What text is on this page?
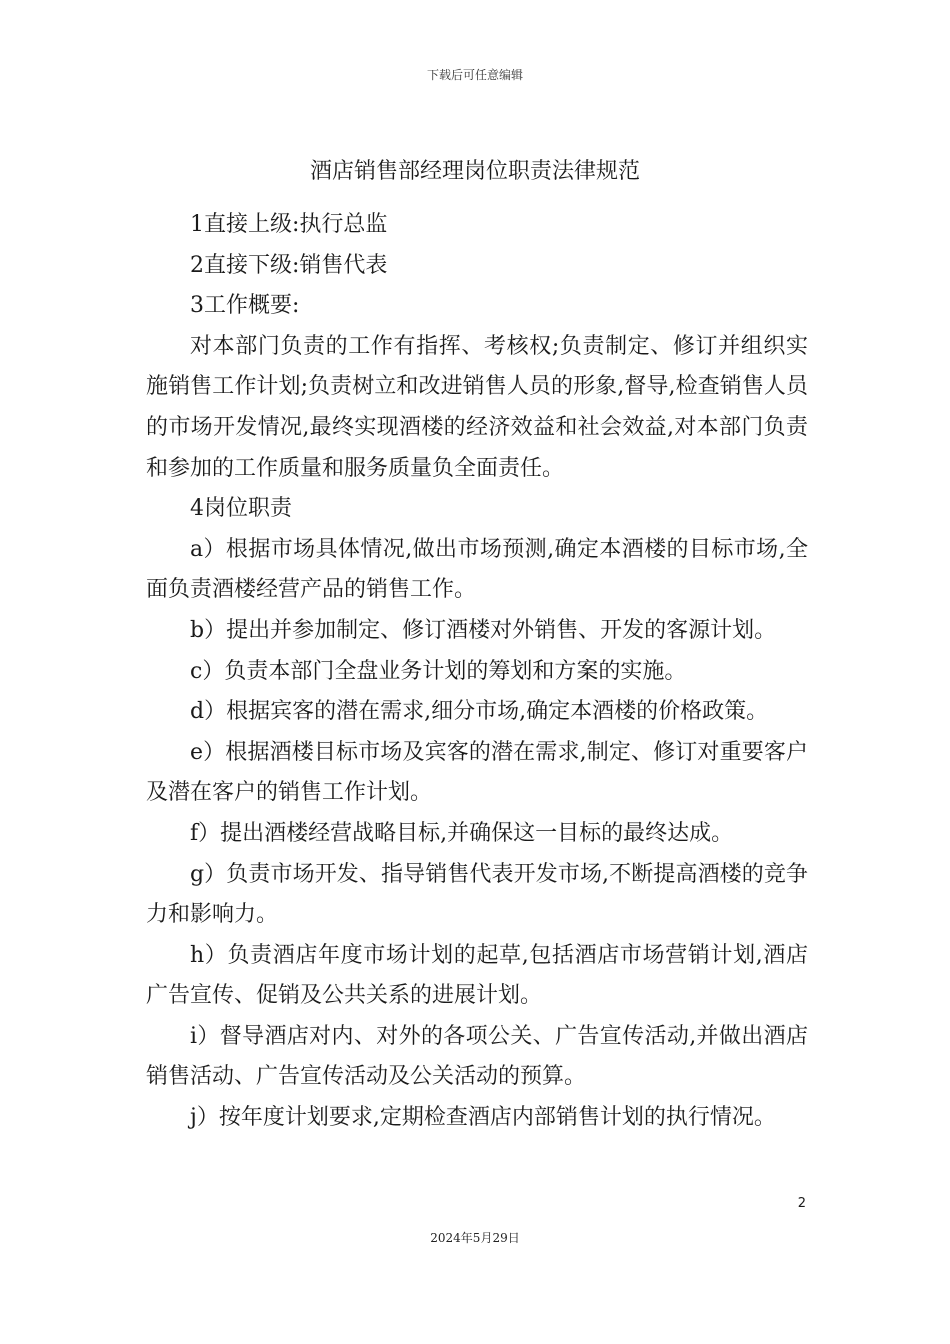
下载后可任意编辑
酒店销售部经理岗位职责法律规范

1直接上级:执行总监

2直接下级:销售代表

3工作概要:

对本部门负责的工作有指挥、考核权;负责制定、修订并组织实施销售工作计划;负责树立和改进销售人员的形象,督导,检查销售人员的市场开发情况,最终实现酒楼的经济效益和社会效益,对本部门负责和参加的工作质量和服务质量负全面责任。

4岗位职责

a）根据市场具体情况,做出市场预测,确定本酒楼的目标市场,全面负责酒楼经营产品的销售工作。

b）提出并参加制定、修订酒楼对外销售、开发的客源计划。

c）负责本部门全盘业务计划的筹划和方案的实施。

d）根据宾客的潜在需求,细分市场,确定本酒楼的价格政策。

e）根据酒楼目标市场及宾客的潜在需求,制定、修订对重要客户及潜在客户的销售工作计划。

f）提出酒楼经营战略目标,并确保这一目标的最终达成。

g）负责市场开发、指导销售代表开发市场,不断提高酒楼的竞争力和影响力。

h）负责酒店年度市场计划的起草,包括酒店市场营销计划,酒店广告宣传、促销及公共关系的进展计划。

i）督导酒店对内、对外的各项公关、广告宣传活动,并做出酒店销售活动、广告宣传活动及公关活动的预算。

j）按年度计划要求,定期检查酒店内部销售计划的执行情况。

2
2024年5月29日
